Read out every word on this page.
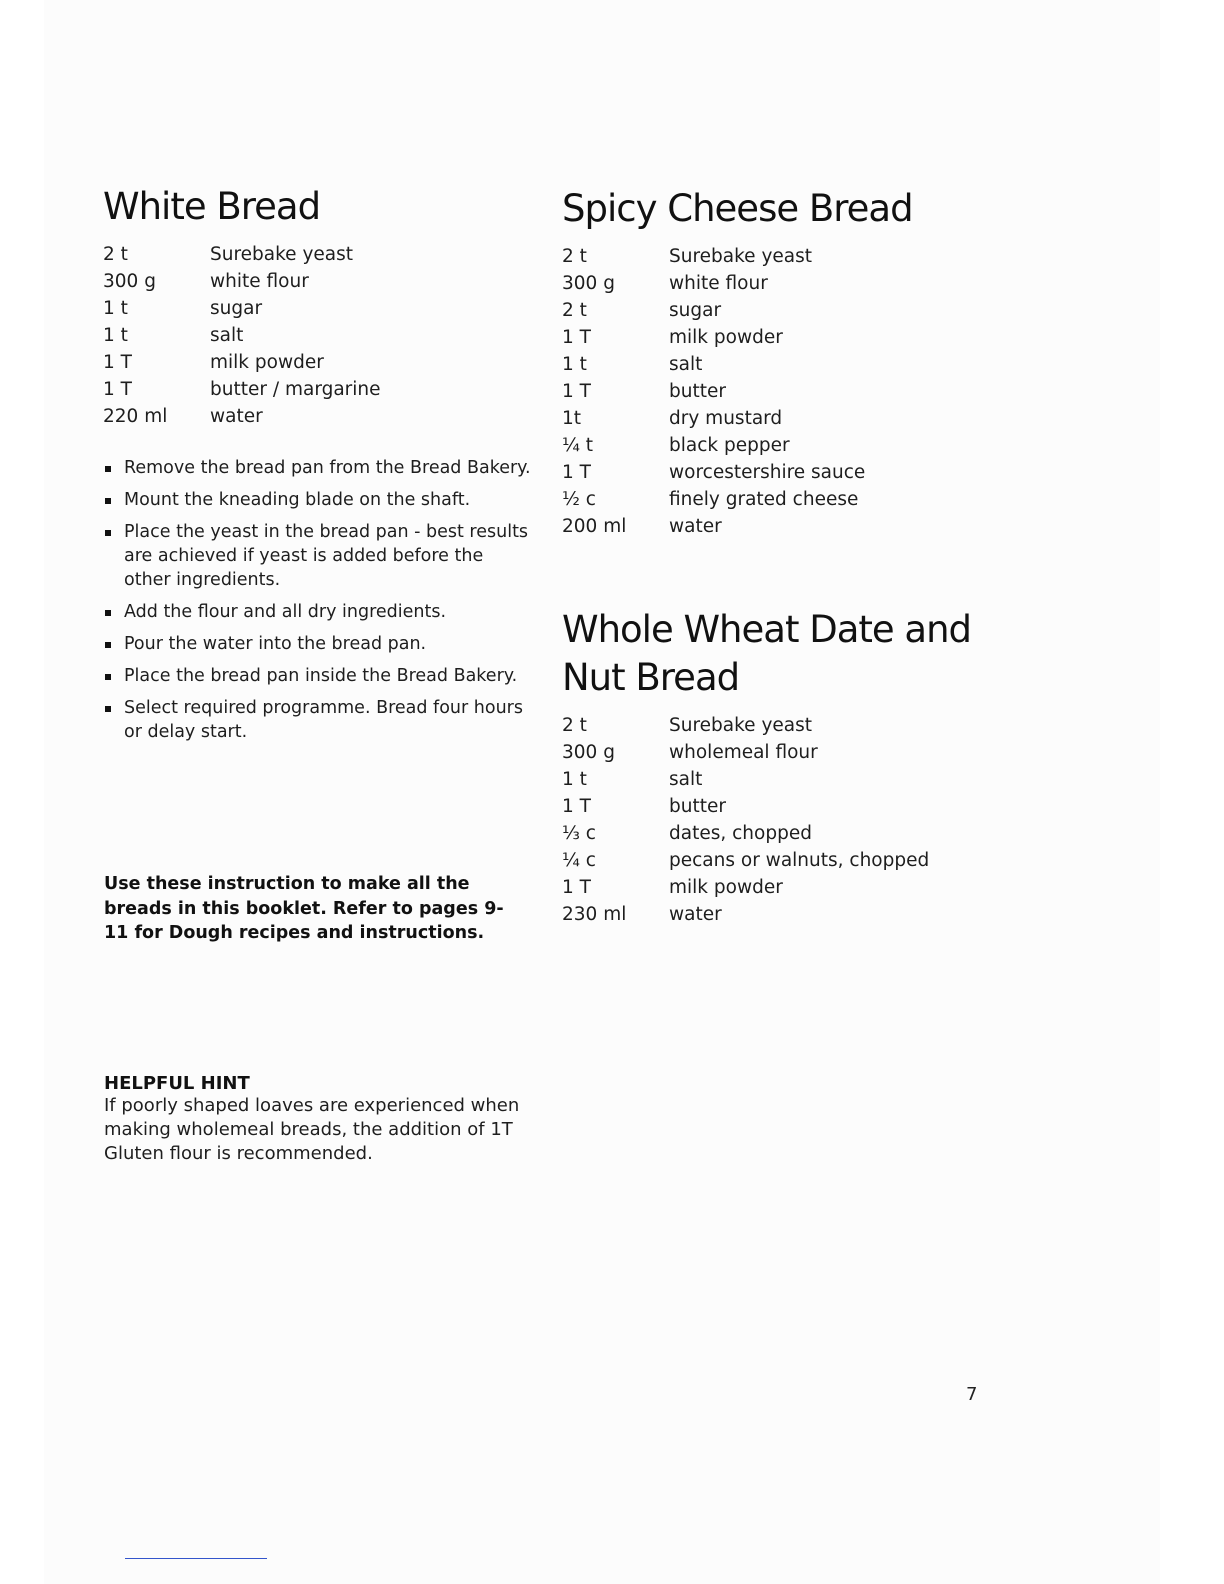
White Bread
2 t	Surebake yeast
300 g	white flour
1 t	sugar
1 t	salt
1 T	milk powder
1 T	butter / margarine
220 ml	water
Remove the bread pan from the Bread Bakery.
Mount the kneading blade on the shaft.
Place the yeast in the bread pan - best results are achieved if yeast is added before the other ingredients.
Add the flour and all dry ingredients.
Pour the water into the bread pan.
Place the bread pan inside the Bread Bakery.
Select required programme. Bread four hours or delay start.

Use these instruction to make all the breads in this booklet. Refer to pages 9-11 for Dough recipes and instructions.

HELPFUL HINT

If poorly shaped loaves are experienced when making wholemeal breads, the addition of 1T Gluten flour is recommended.

Spicy Cheese Bread
2 t	Surebake yeast
300 g	white flour
2 t	sugar
1 T	milk powder
1 t	salt
1 T	butter
1t	dry mustard
¼ t	black pepper
1 T	worcestershire sauce
½ c	finely grated cheese
200 ml	water
Whole Wheat Date and Nut Bread
2 t	Surebake yeast
300 g	wholemeal flour
1 t	salt
1 T	butter
⅓ c	dates, chopped
¼ c	pecans or walnuts, chopped
1 T	milk powder
230 ml	water
7
